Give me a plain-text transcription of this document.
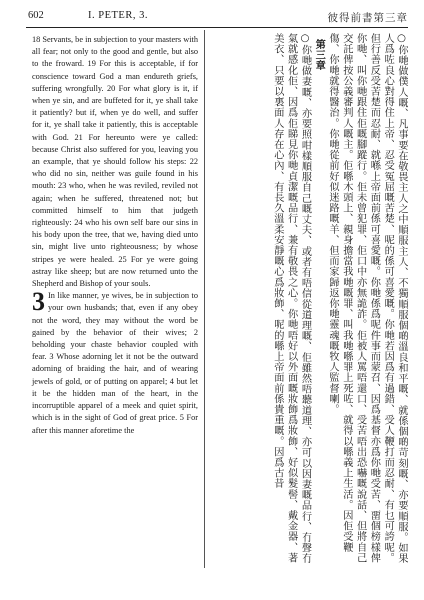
602	I. PETER, 3.	彼得前書第三章

18 Servants, be in subjection to your masters with all fear; not only to the good and gentle, but also to the froward. 19 For this is acceptable, if for conscience toward God a man endureth griefs, suffering wrongfully. 20 For what glory is it, if when ye sin, and are buffeted for it, ye shall take it patiently? but if, when ye do well, and suffer for it, ye shall take it patiently, this is acceptable with God. 21 For hereunto were ye called: because Christ also suffered for you, leaving you an example, that ye should follow his steps: 22 who did no sin, neither was guile found in his mouth: 23 who, when he was reviled, reviled not again; when he suffered, threatened not; but committed himself to him that judgeth righteously: 24 who his own self bare our sins in his body upon the tree, that we, having died unto sin, might live unto righteousness; by whose stripes ye were healed. 25 For ye were going astray like sheep; but are now returned unto the Shepherd and Bishop of your souls.

3 In like manner, ye wives, be in subjection to your own husbands; that, even if any obey not the word, they may without the word be gained by the behavior of their wives; 2 beholding your chaste behavior coupled with fear. 3 Whose adorning let it not be the outward adorning of braiding the hair, and of wearing jewels of gold, or of putting on apparel; 4 but let it be the hidden man of the heart, in the incorruptible apparel of a meek and quiet spirit, which is in the sight of God of great price. 5 For after this manner aforetime the	○你哋做僕人嘅、凡事要在敬畏主人之中順服主人、不獨順服個啲溫良和平嘅、就係個啲苛刻嘅、亦要順服。如果人爲咗良心對得住上帝、忍受冤屈嘅苦楚、呢的係可喜愛嘅。你哋若因爲有過錯、受人鞭打而忍耐、有乜可誇呢。但行善反受苦楚而忍耐、就喺上帝面前係可喜愛嘅。你哋係爲呢件事而蒙召、因爲基督亦爲你哋受苦、畱個榜樣俾你哋、叫你哋跟住佢嘅腳蹤行。佢未曾犯罪、佢口中亦無詭詐。佢被人罵唔還口、受苦唔出恐嚇嘅說話、但將自己交託俾按公義審判人嘅主。佢喺木頭上、親身擔當我哋嘅罪、叫我哋喺罪上死咗、就得以喺義上生活。因佢受鞭傷、你哋就得醫治。你哋從前好似迷路嘅羊、但而家歸返你哋靈魂嘅牧人監督喇。
第三章
○你哋做妻嘅、亦要照咁樣順服自己嘅丈夫、或者有唔信從道理嘅、佢雖然唔聽道理、亦可以因妻嘅品行、冇聲冇氣就感化佢、因爲佢睇見你哋貞潔嘅品行、兼有敬畏之心。你哋唔好以外面嘅妝飾爲妝飾、好似髮髻、戴金器、著美衣、只要以裏面人存在心內、有長久溫柔安靜嘅心爲妝飾、呢的喺上帝面前係貴重嘅。因爲古昔
